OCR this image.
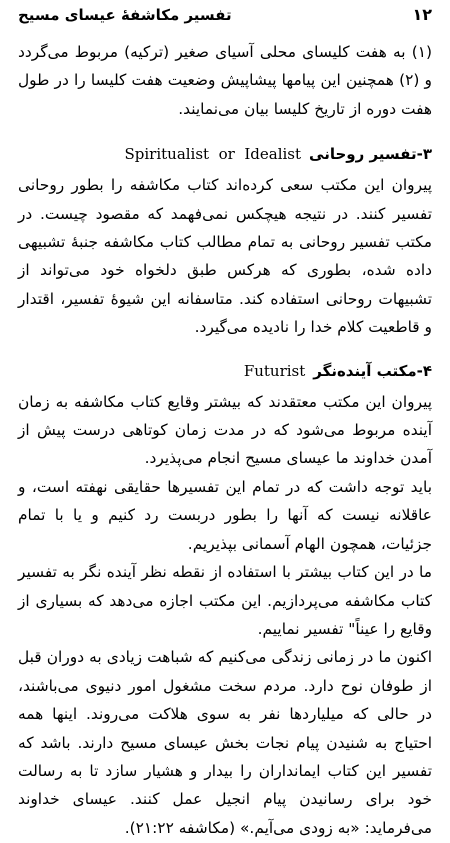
۱۲
تفسیر مکاشفۀ عیسای مسیح

(۱) به هفت کلیسای محلی آسیای صغیر (ترکیه) مربوط می‌گردد و (۲) همچنین این پیامها پیشاپیش وضعیت هفت کلیسا را در طول هفت دوره از تاریخ کلیسا بیان می‌نمایند.

۳-تفسیر روحانی
Spiritualist  or  Idealist

پیروان این مکتب سعی کرده‌اند کتاب مکاشفه را بطور روحانی تفسیر کنند. در نتیجه هیچکس نمی‌فهمد که مقصود چیست. در مکتب تفسیر روحانی به تمام مطالب کتاب مکاشفه جنبۀ تشبیهی داده شده، بطوری که هرکس طبق دلخواه خود می‌تواند از تشبیهات روحانی استفاده کند. متاسفانه این شیوۀ تفسیر، اقتدار و قاطعیت کلام خدا را نادیده می‌گیرد.

۴-مکتب آینده‌نگر
Futurist

پیروان این مکتب معتقدند که بیشتر وقایع کتاب مکاشفه به زمان آینده مربوط می‌شود که در مدت زمان کوتاهی درست پیش از آمدن خداوند ما عیسای مسیح انجام می‌پذیرد.

باید توجه داشت که در تمام این تفسیرها حقایقی نهفته است، و عاقلانه نیست که آنها را بطور دربست رد کنیم و یا با تمام جزئیات، همچون الهام آسمانی بپذیریم.

ما در این کتاب بیشتر با استفاده از نقطه نظر آینده نگر به تفسیر کتاب مکاشفه می‌پردازیم. این مکتب اجازه می‌دهد که بسیاری از وقایع را عیناً" تفسیر نماییم.

اکنون ما در زمانی زندگی می‌کنیم که شباهت زیادی به دوران قبل از طوفان نوح دارد. مردم سخت مشغول امور دنیوی می‌باشند، در حالی که میلیاردها نفر به سوی هلاکت می‌روند. اینها همه احتیاج به شنیدن پیام نجات بخش عیسای مسیح دارند. باشد که تفسیر این کتاب ایمانداران را بیدار و هشیار سازد تا به رسالت خود برای رسانیدن پیام انجیل عمل کنند. عیسای خداوند می‌فرماید: «به زودی می‌آیم.» (مکاشفه ۲۱:۲۲).
